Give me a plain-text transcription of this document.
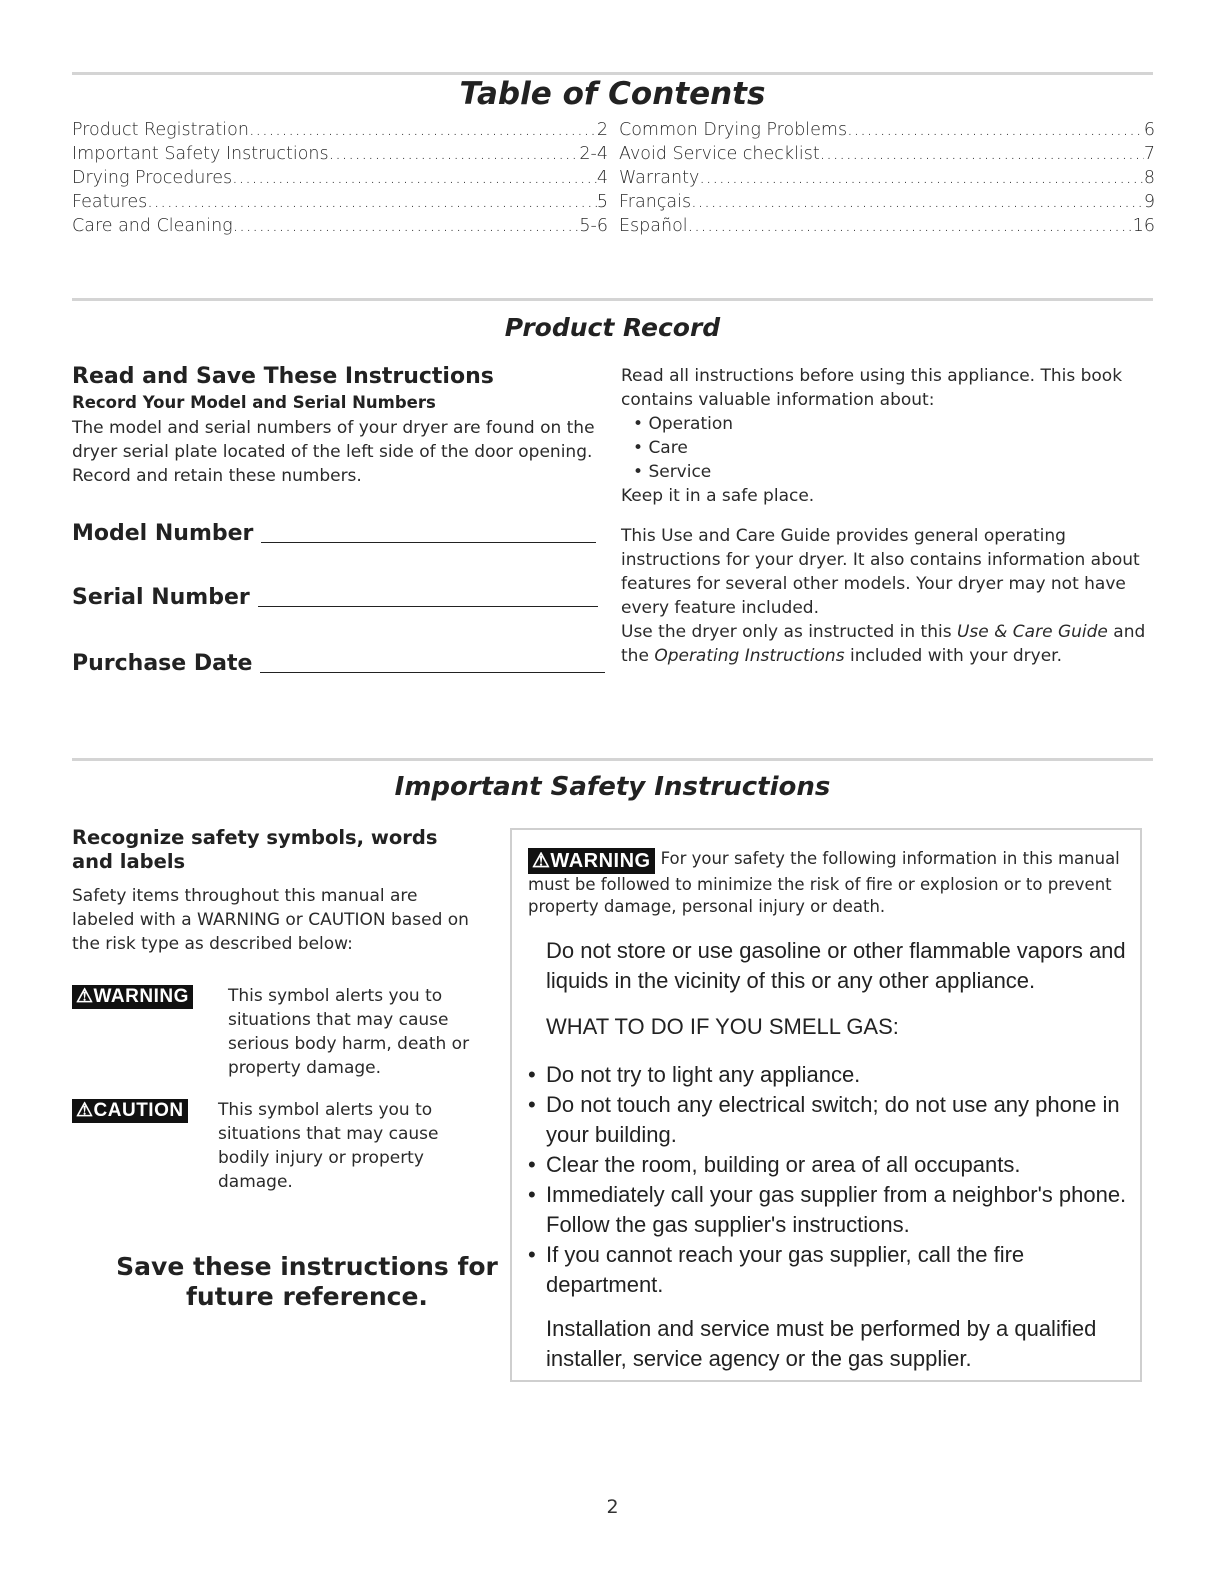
Table of Contents
Product Registration .....	2
Important Safety Instructions .....	2-4
Drying Procedures .....	4
Features .....	5
Care and Cleaning .....	5-6
Common Drying Problems .....	6
Avoid Service checklist .....	7
Warranty .....	8
Français .....	9
Español .....	16
Product Record
Read and Save These Instructions
Record Your Model and Serial Numbers
The model and serial numbers of your dryer are found on the dryer serial plate located of the left side of the door opening. Record and retain these numbers.
Model Number
Serial Number
Purchase Date

Read all instructions before using this appliance. This book contains valuable information about:

• Operation
• Care
• Service

Keep it in a safe place.

This Use and Care Guide provides general operating instructions for your dryer. It also contains information about features for several other models. Your dryer may not have every feature included.

Use the dryer only as instructed in this Use & Care Guide and the Operating Instructions included with your dryer.

Important Safety Instructions
Recognize safety symbols, words and labels

Safety items throughout this manual are labeled with a WARNING or CAUTION based on the risk type as described below:

⚠WARNING This symbol alerts you to situations that may cause serious body harm, death or property damage.
⚠CAUTION This symbol alerts you to situations that may cause bodily injury or property damage.
Save these instructions for future reference.
⚠WARNING For your safety the following information in this manual must be followed to minimize the risk of fire or explosion or to prevent property damage, personal injury or death.

Do not store or use gasoline or other flammable vapors and liquids in the vicinity of this or any other appliance.

WHAT TO DO IF YOU SMELL GAS:

• Do not try to light any appliance.
• Do not touch any electrical switch; do not use any phone in your building.
• Clear the room, building or area of all occupants.
• Immediately call your gas supplier from a neighbor's phone. Follow the gas supplier's instructions.
• If you cannot reach your gas supplier, call the fire department.

Installation and service must be performed by a qualified installer, service agency or the gas supplier.

2
